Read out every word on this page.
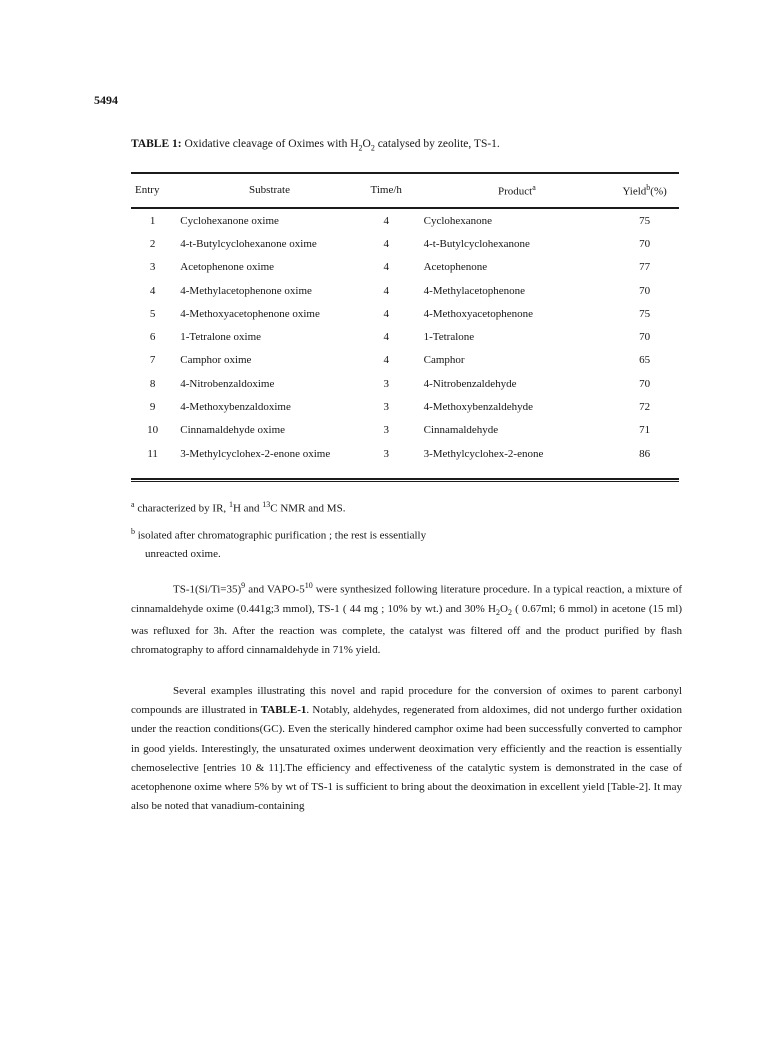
5494
TABLE 1: Oxidative cleavage of Oximes with $H_2O_2$ catalysed by zeolite, TS-1.
Entry	Substrate	Time/h	Product$^a$	Yield$^b$(%)
1	Cyclohexanone oxime	4	Cyclohexanone	75
2	4-t-Butylcyclohexanone oxime	4	4-t-Butylcyclohexanone	70
3	Acetophenone oxime	4	Acetophenone	77
4	4-Methylacetophenone oxime	4	4-Methylacetophenone	70
5	4-Methoxyacetophenone oxime	4	4-Methoxyacetophenone	75
6	1-Tetralone oxime	4	1-Tetralone	70
7	Camphor oxime	4	Camphor	65
8	4-Nitrobenzaldoxime	3	4-Nitrobenzaldehyde	70
9	4-Methoxybenzaldoxime	3	4-Methoxybenzaldehyde	72
10	Cinnamaldehyde oxime	3	Cinnamaldehyde	71
11	3-Methylcyclohex-2-enone oxime	3	3-Methylcyclohex-2-enone	86
$^a$ characterized by IR, $^1$H and $^{13}$C NMR and MS.
$^b$ isolated after chromatographic purification ; the rest is essentially
unreacted oxime.
TS-1(Si/Ti=35)$^9$ and VAPO-$5^{10}$ were synthesized following literature procedure. In a typical reaction, a mixture of cinnamaldehyde oxime (0.441g;3 mmol), TS-1 ( 44 mg ; 10% by wt.) and 30% $H_2O_2$ ( 0.67ml; 6 mmol) in acetone (15 ml) was refluxed for 3h. After the reaction was complete, the catalyst was filtered off and the product purified by flash chromatography to afford cinnamaldehyde in 71% yield.
Several examples illustrating this novel and rapid procedure for the conversion of oximes to parent carbonyl compounds are illustrated in TABLE-1. Notably, aldehydes, regenerated from aldoximes, did not undergo further oxidation under the reaction conditions(GC). Even the sterically hindered camphor oxime had been successfully converted to camphor in good yields. Interestingly, the unsaturated oximes underwent deoximation very efficiently and the reaction is essentially chemoselective [entries 10 & 11].The efficiency and effectiveness of the catalytic system is demonstrated in the case of acetophenone oxime where 5% by wt of TS-1 is sufficient to bring about the deoximation in excellent yield [Table-2]. It may also be noted that vanadium-containing
